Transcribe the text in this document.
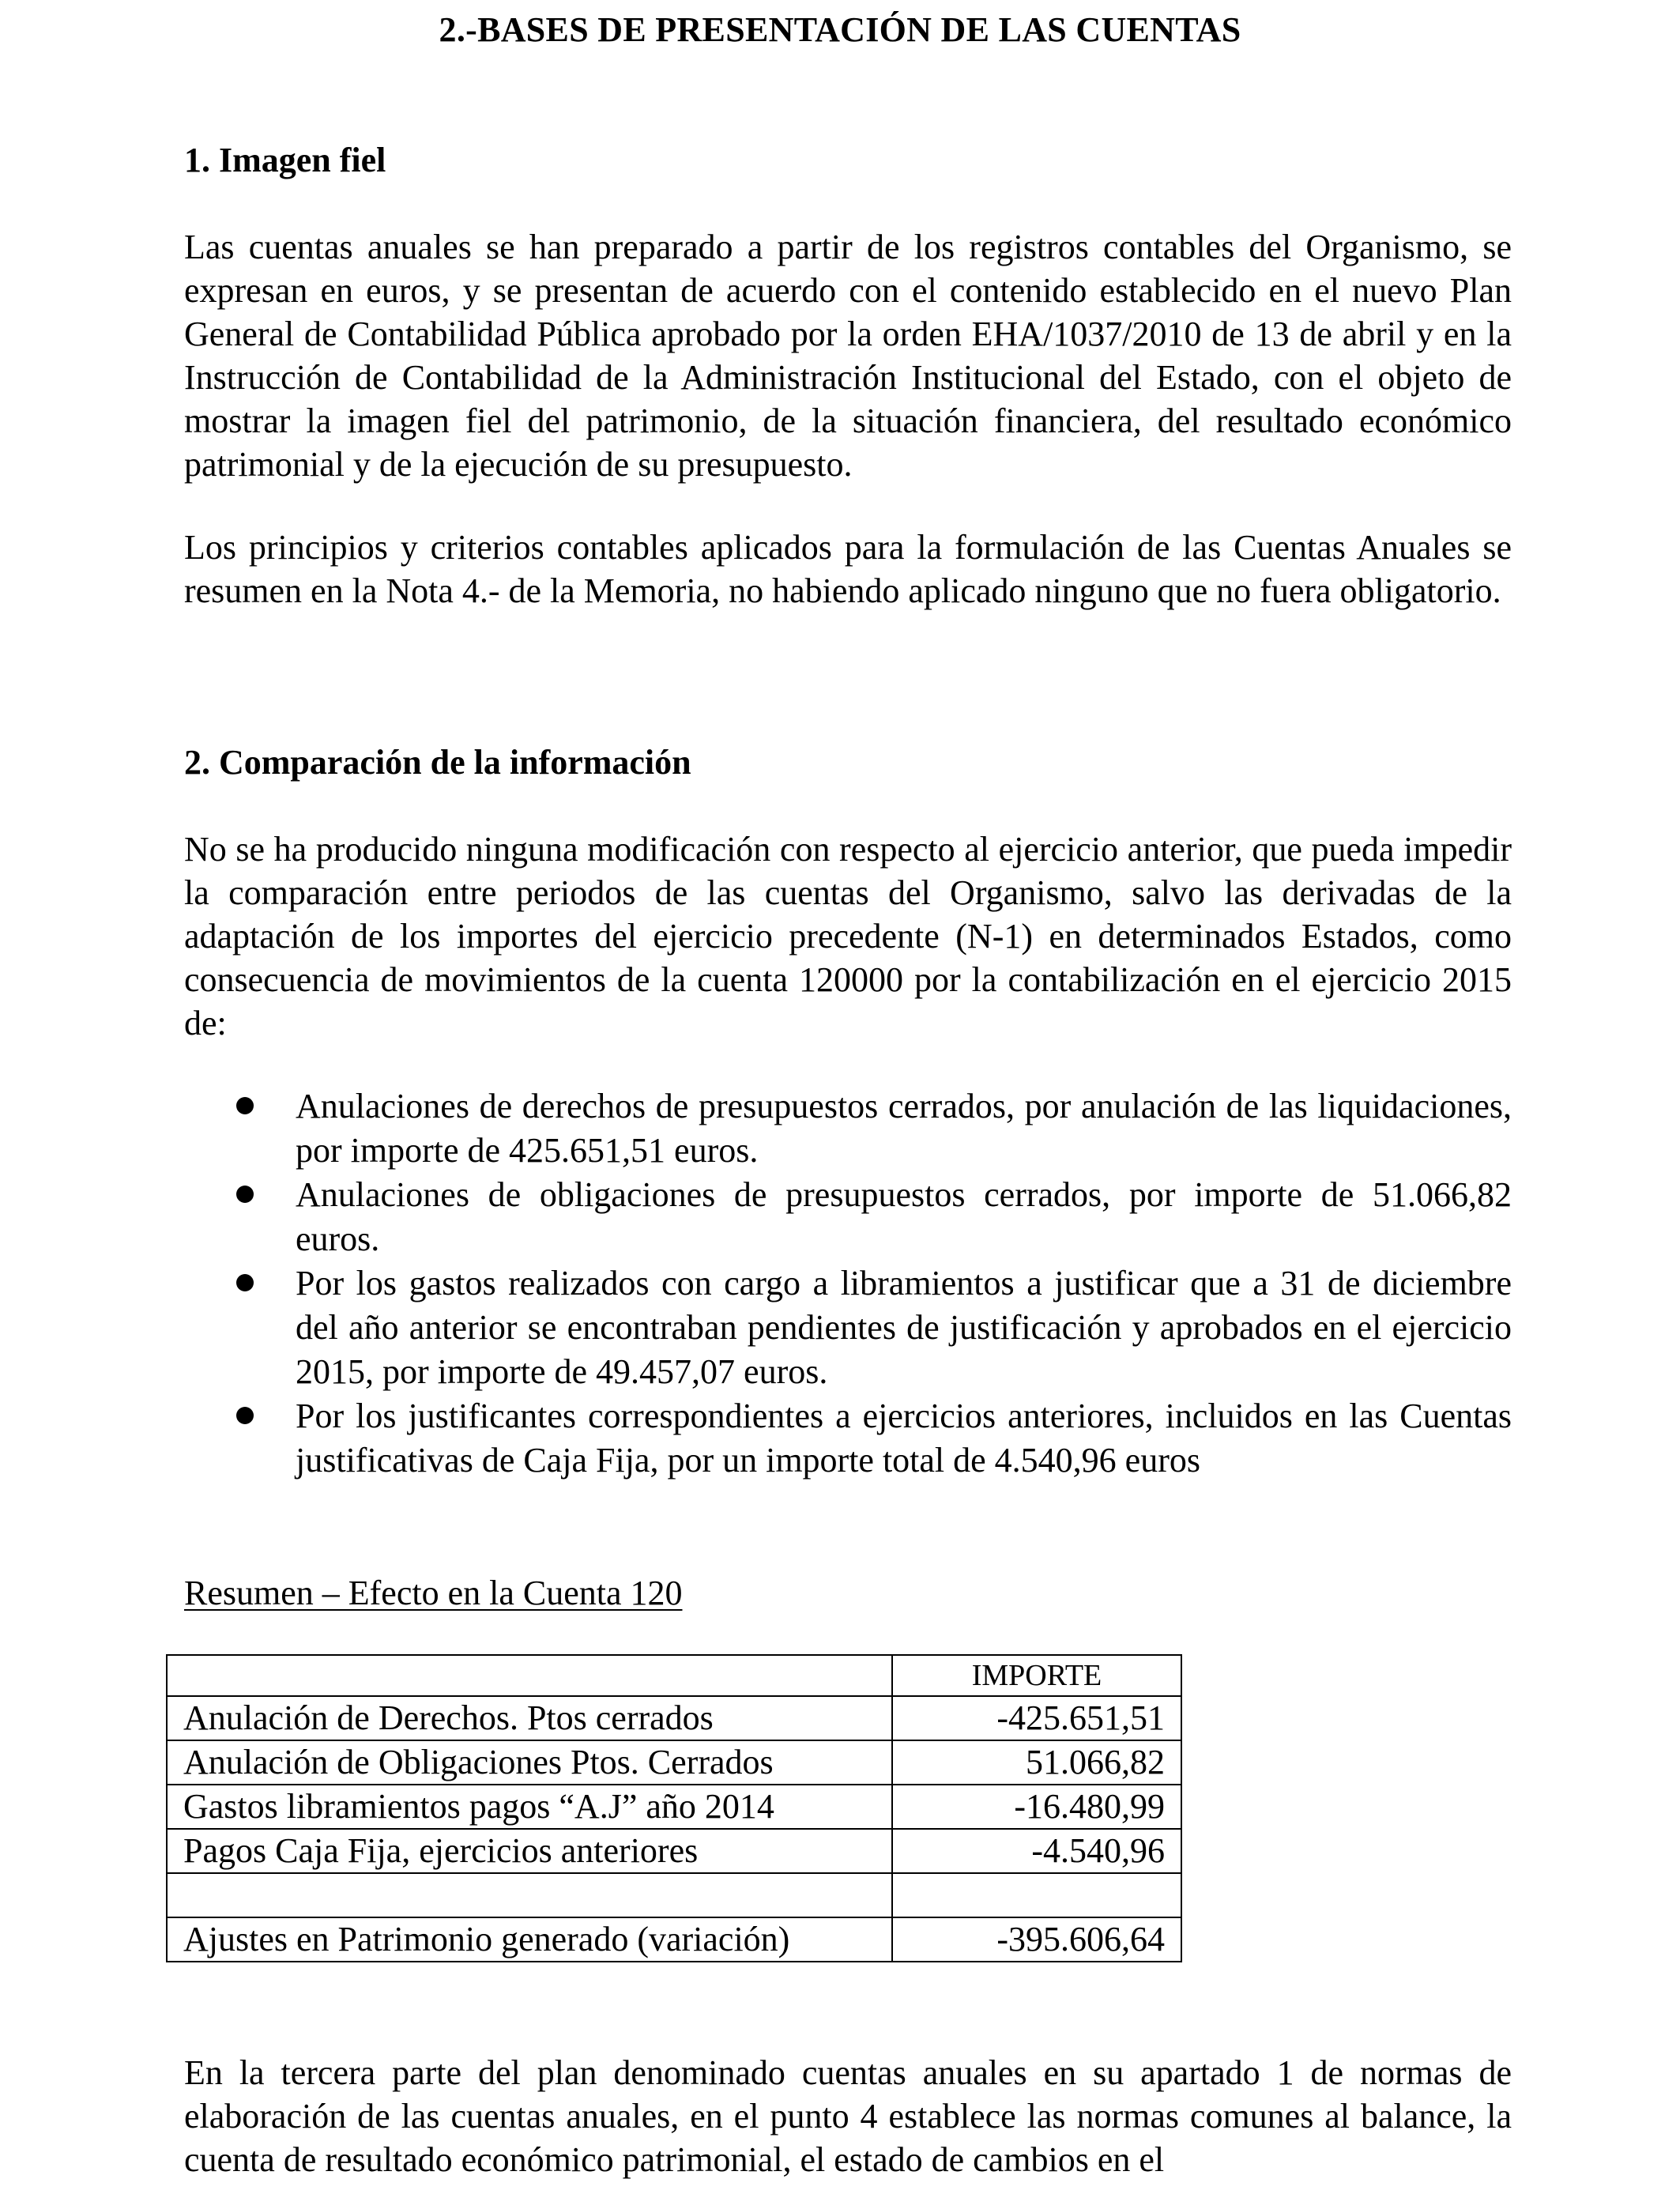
2.-BASES DE PRESENTACIÓN DE LAS CUENTAS
1. Imagen fiel

Las cuentas anuales se han preparado a partir de los registros contables del Organismo, se expresan en euros, y se presentan de acuerdo con el contenido establecido en el nuevo Plan General de Contabilidad Pública aprobado por la orden EHA/1037/2010 de 13 de abril y en la Instrucción de Contabilidad de la Administración Institucional del Estado, con el objeto de mostrar la imagen fiel del patrimonio, de la situación financiera, del resultado económico patrimonial y de la ejecución de su presupuesto.

Los principios y criterios contables aplicados para la formulación de las Cuentas Anuales se resumen en la Nota 4.- de la Memoria, no habiendo aplicado ninguno que no fuera obligatorio.

2. Comparación de la información

No se ha producido ninguna modificación con respecto al ejercicio anterior, que pueda impedir la comparación entre periodos de las cuentas del Organismo, salvo las derivadas de la adaptación de los importes del ejercicio precedente (N-1) en determinados Estados, como consecuencia de movimientos de la cuenta 120000 por la contabilización en el ejercicio 2015 de:

Anulaciones de derechos de presupuestos cerrados, por anulación de las liquidaciones, por importe de 425.651,51 euros.
Anulaciones de obligaciones de presupuestos cerrados, por importe de 51.066,82 euros.
Por los gastos realizados con cargo a libramientos a justificar que a 31 de diciembre del año anterior se encontraban pendientes de justificación y aprobados en el ejercicio 2015, por importe de 49.457,07 euros.
Por los justificantes correspondientes a ejercicios anteriores, incluidos en las Cuentas justificativas de Caja Fija, por un importe total de 4.540,96 euros
Resumen – Efecto en la Cuenta 120
	IMPORTE
Anulación de Derechos. Ptos cerrados	-425.651,51
Anulación de Obligaciones Ptos. Cerrados	51.066,82
Gastos libramientos pagos “A.J” año 2014	-16.480,99
Pagos Caja Fija, ejercicios anteriores	-4.540,96

Ajustes en Patrimonio generado (variación)	-395.606,64

En la tercera parte del plan denominado cuentas anuales en su apartado 1 de normas de elaboración de las cuentas anuales, en el punto 4 establece las normas comunes al balance, la cuenta de resultado económico patrimonial, el estado de cambios en el
